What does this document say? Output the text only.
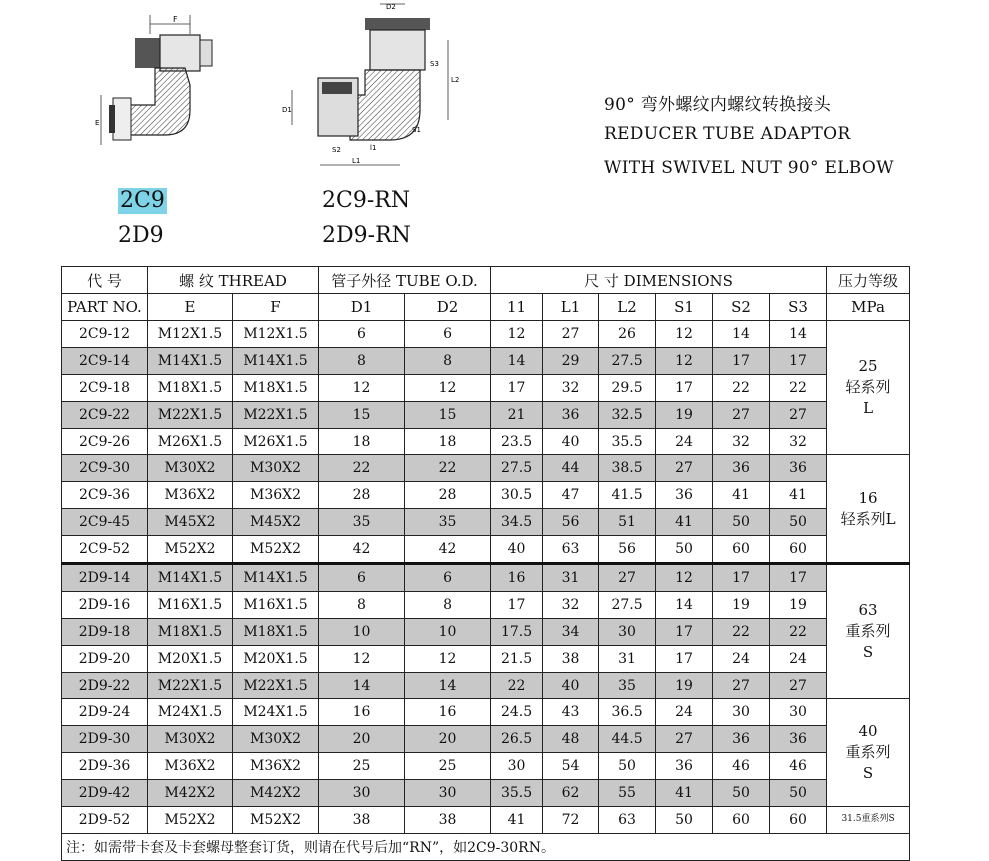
F
E
D2
S3
L2
D1
S1
S2	l1
L1
2C9
2D9
2C9-RN
2D9-RN
90° 弯外螺纹内螺纹转换接头
REDUCER TUBE ADAPTOR
WITH SWIVEL NUT 90° ELBOW
代 号	螺 纹 THREAD		管子外径 TUBE O.D.		尺 寸 DIMENSIONS						压力等级
PART NO.	E	F	D1	D2	11	L1	L2	S1	S2	S3	MPa
2C9-12	M12X1.5	M12X1.5	6	6	12	27	26	12	14	14	25
轻系列
L

2C9-14	M14X1.5	M14X1.5	8	8	14	29	27.5	12	17	17	
2C9-18	M18X1.5	M18X1.5	12	12	17	32	29.5	17	22	22	
2C9-22	M22X1.5	M22X1.5	15	15	21	36	32.5	19	27	27	
2C9-26	M26X1.5	M26X1.5	18	18	23.5	40	35.5	24	32	32	
2C9-30	M30X2	M30X2	22	22	27.5	44	38.5	27	36	36	16
轻系列L

2C9-36	M36X2	M36X2	28	28	30.5	47	41.5	36	41	41	
2C9-45	M45X2	M45X2	35	35	34.5	56	51	41	50	50	
2C9-52	M52X2	M52X2	42	42	40	63	56	50	60	60	
2D9-14	M14X1.5	M14X1.5	6	6	16	31	27	12	17	17	63
重系列
S

2D9-16	M16X1.5	M16X1.5	8	8	17	32	27.5	14	19	19	
2D9-18	M18X1.5	M18X1.5	10	10	17.5	34	30	17	22	22	
2D9-20	M20X1.5	M20X1.5	12	12	21.5	38	31	17	24	24	
2D9-22	M22X1.5	M22X1.5	14	14	22	40	35	19	27	27	
2D9-24	M24X1.5	M24X1.5	16	16	24.5	43	36.5	24	30	30	40
重系列
S

2D9-30	M30X2	M30X2	20	20	26.5	48	44.5	27	36	36	
2D9-36	M36X2	M36X2	25	25	30	54	50	36	46	46	
2D9-42	M42X2	M42X2	30	30	35.5	62	55	41	50	50	
2D9-52	M52X2	M52X2	38	38	41	72	63	50	60	60	31.5重系列S

注：如需带卡套及卡套螺母整套订货，则请在代号后加“RN”，如2C9-30RN。											
